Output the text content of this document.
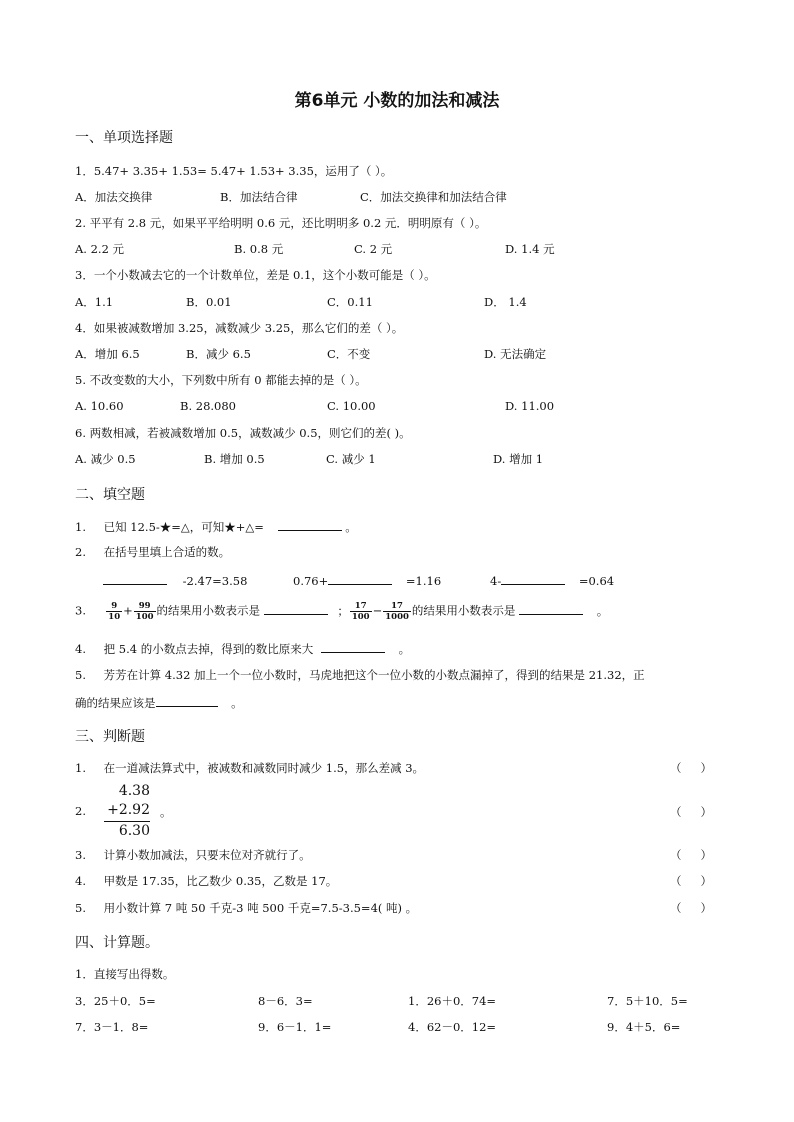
第6单元 小数的加法和减法
一、单项选择题
1．5.47+ 3.35+ 1.53= 5.47+ 1.53+ 3.35，运用了（ ）。
A．加法交换律	B．加法结合律	C．加法交换律和加法结合律
2. 平平有 2.8 元，如果平平给明明 0.6 元，还比明明多 0.2 元．明明原有（ ）。
A. 2.2 元	B. 0.8 元	C. 2 元	D. 1.4 元
3．一个小数减去它的一个计数单位，差是 0.1，这个小数可能是（ ）。
A．1.1	B．0.01	C．0.11	D． 1.4
4．如果被减数增加 3.25，减数减少 3.25，那么它们的差（ ）。
A．增加 6.5	B．减少 6.5	C．不变	D. 无法确定
5. 不改变数的大小，下列数中所有 0 都能去掉的是（ ）。
A. 10.60	B. 28.080	C. 10.00	D. 11.00
6. 两数相减，若被减数增加 0.5，减数减少 0.5，则它们的差( )。
A. 减少 0.5	B. 增加 0.5	C. 减少 1	D. 增加 1
二、填空题
1. 已知 12.5-★=△，可知★+△=	。
2. 在括号里填上合适的数。
-2.47=3.58	0.76+	=1.16	4-	=0.64
3. $\frac{9}{10} + \frac{99}{100}$ 的结果用小数表示是	； $\frac{17}{100} - \frac{17}{1000}$ 的结果用小数表示是	。
4. 把 5.4 的小数点去掉，得到的数比原来大	。
5. 芳芳在计算 4.32 加上一个一位小数时，马虎地把这个一位小数的小数点漏掉了，得到的结果是 21.32，正
确的结果应该是	。
三、判断题
1. 在一道减法算式中，被减数和减数同时减少 1.5，那么差减 3。	（ ）
2.
4.38
+2.92
6.30
。	（ ）
3. 计算小数加减法，只要末位对齐就行了。	（ ）
4. 甲数是 17.35，比乙数少 0.35，乙数是 17。	（ ）
5. 用小数计算 7 吨 50 千克-3 吨 500 千克=7.5-3.5=4( 吨) 。	（ ）
四、计算题。
1．直接写出得数。
3．25＋0．5=	8－6．3=	1．26＋0．74=	7．5＋10．5=
7．3－1．8=	9．6－1．1=	4．62－0．12=	9．4＋5．6=
